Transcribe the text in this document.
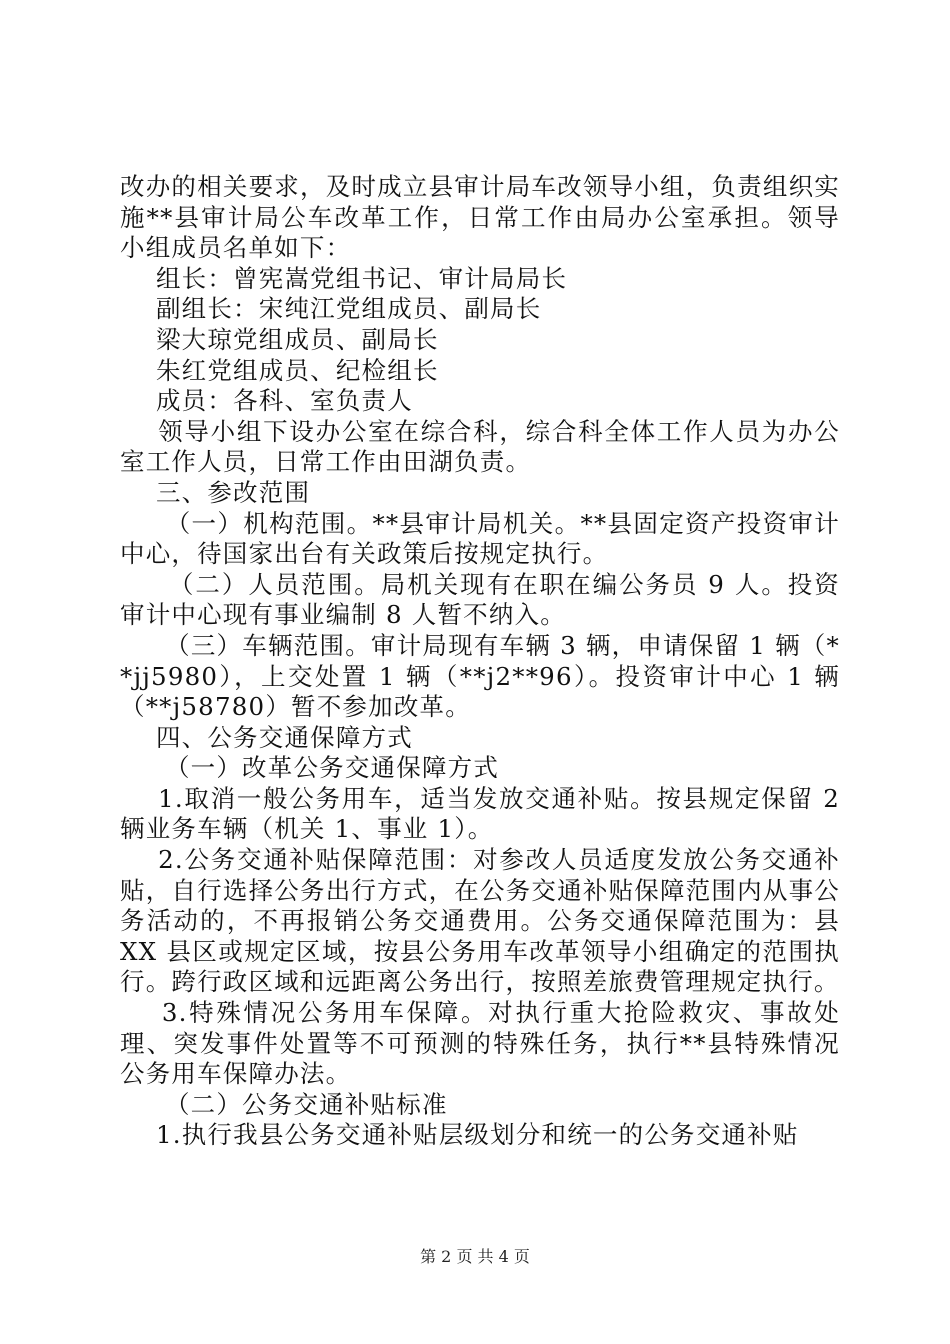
改办的相关要求，及时成立县审计局车改领导小组，负责组织实施**县审计局公车改革工作，日常工作由局办公室承担。领导小组成员名单如下：

组长：曾宪嵩党组书记、审计局局长

副组长：宋纯江党组成员、副局长

梁大琼党组成员、副局长

朱红党组成员、纪检组长

成员：各科、室负责人

领导小组下设办公室在综合科，综合科全体工作人员为办公室工作人员，日常工作由田湖负责。

三、参改范围

（一）机构范围。**县审计局机关。**县固定资产投资审计中心，待国家出台有关政策后按规定执行。

（二）人员范围。局机关现有在职在编公务员 9 人。投资审计中心现有事业编制 8 人暂不纳入。

（三）车辆范围。审计局现有车辆 3 辆，申请保留 1 辆（**jj5980），上交处置 1 辆（**j2**96）。投资审计中心 1 辆（**j58780）暂不参加改革。

四、公务交通保障方式

（一）改革公务交通保障方式

1.取消一般公务用车，适当发放交通补贴。按县规定保留 2 辆业务车辆（机关 1、事业 1）。

2.公务交通补贴保障范围：对参改人员适度发放公务交通补贴，自行选择公务出行方式，在公务交通补贴保障范围内从事公务活动的，不再报销公务交通费用。公务交通保障范围为：县 XX 县区或规定区域，按县公务用车改革领导小组确定的范围执行。跨行政区域和远距离公务出行，按照差旅费管理规定执行。

3.特殊情况公务用车保障。对执行重大抢险救灾、事故处理、突发事件处置等不可预测的特殊任务，执行**县特殊情况公务用车保障办法。

（二）公务交通补贴标准

1.执行我县公务交通补贴层级划分和统一的公务交通补贴

第 2 页 共 4 页
